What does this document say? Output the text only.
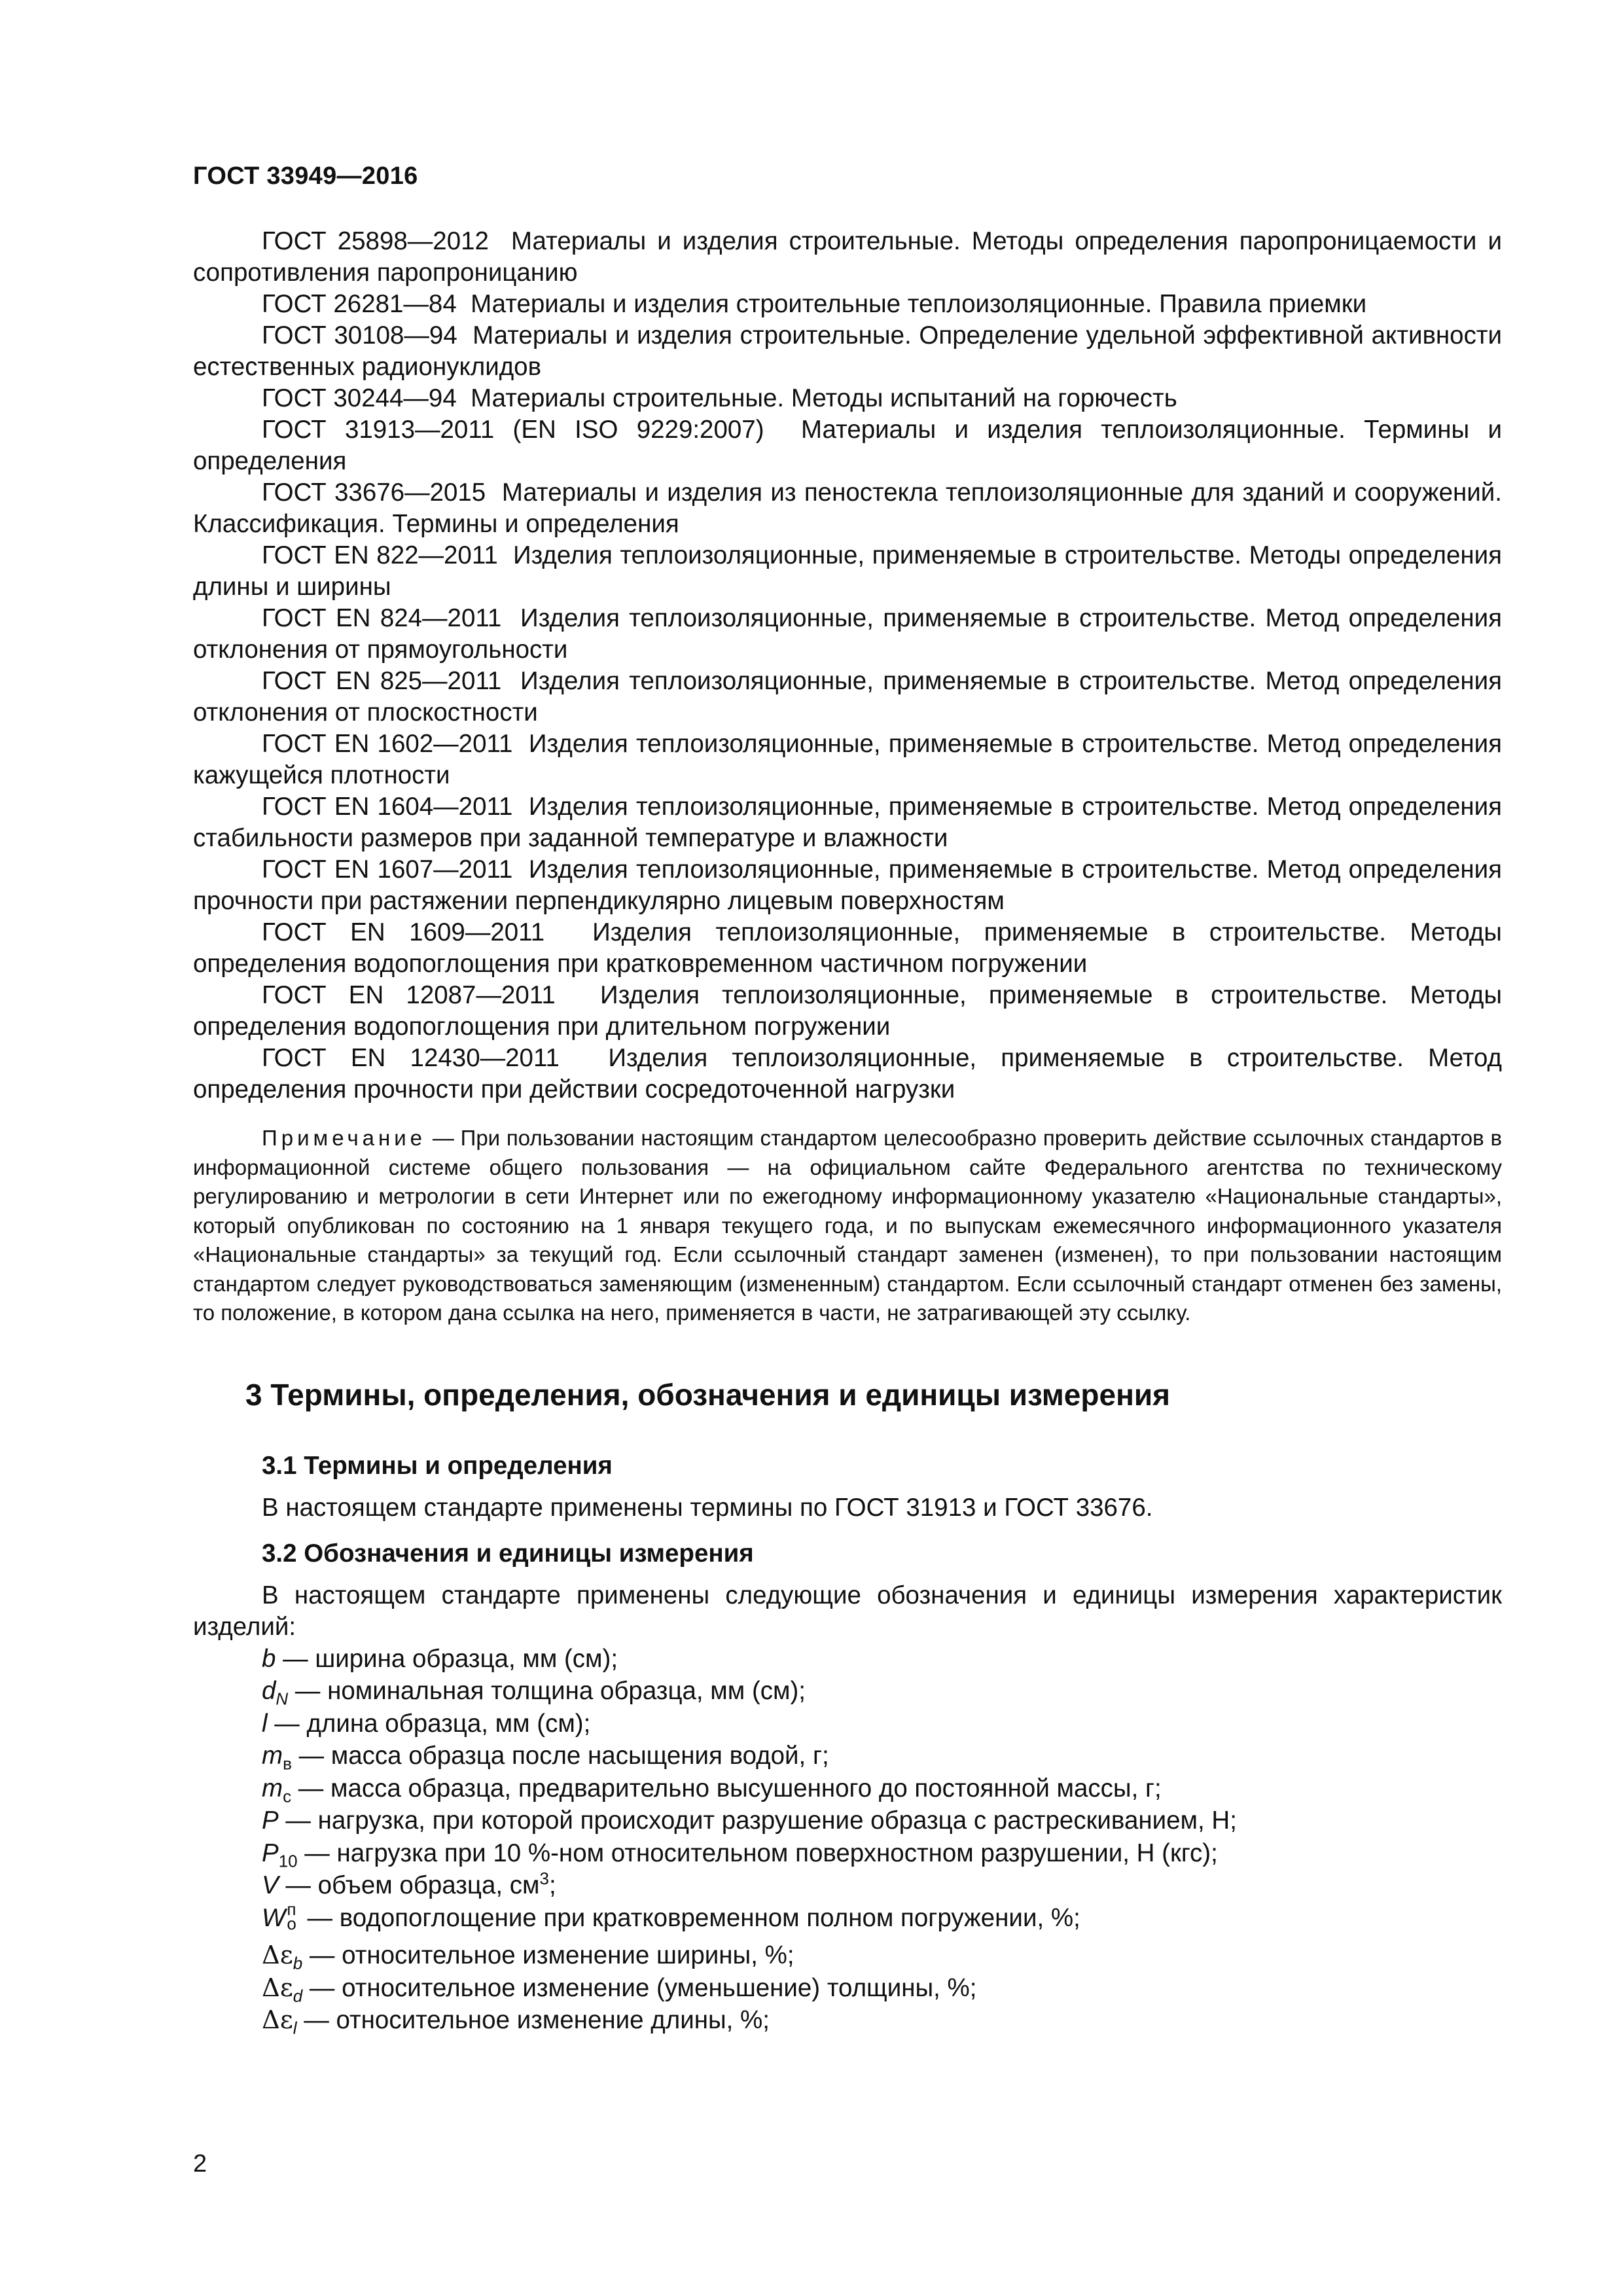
ГОСТ 33949—2016

ГОСТ 25898—2012 Материалы и изделия строительные. Методы определения паропроницаемости и сопротивления паропроницанию

ГОСТ 26281—84 Материалы и изделия строительные теплоизоляционные. Правила приемки

ГОСТ 30108—94 Материалы и изделия строительные. Определение удельной эффективной активности естественных радионуклидов

ГОСТ 30244—94 Материалы строительные. Методы испытаний на горючесть

ГОСТ 31913—2011 (EN ISO 9229:2007) Материалы и изделия теплоизоляционные. Термины и определения

ГОСТ 33676—2015 Материалы и изделия из пеностекла теплоизоляционные для зданий и сооружений. Классификация. Термины и определения

ГОСТ EN 822—2011 Изделия теплоизоляционные, применяемые в строительстве. Методы определения длины и ширины

ГОСТ EN 824—2011 Изделия теплоизоляционные, применяемые в строительстве. Метод определения отклонения от прямоугольности

ГОСТ EN 825—2011 Изделия теплоизоляционные, применяемые в строительстве. Метод определения отклонения от плоскостности

ГОСТ EN 1602—2011 Изделия теплоизоляционные, применяемые в строительстве. Метод определения кажущейся плотности

ГОСТ EN 1604—2011 Изделия теплоизоляционные, применяемые в строительстве. Метод определения стабильности размеров при заданной температуре и влажности

ГОСТ EN 1607—2011 Изделия теплоизоляционные, применяемые в строительстве. Метод определения прочности при растяжении перпендикулярно лицевым поверхностям

ГОСТ EN 1609—2011 Изделия теплоизоляционные, применяемые в строительстве. Методы определения водопоглощения при кратковременном частичном погружении

ГОСТ EN 12087—2011 Изделия теплоизоляционные, применяемые в строительстве. Методы определения водопоглощения при длительном погружении

ГОСТ EN 12430—2011 Изделия теплоизоляционные, применяемые в строительстве. Метод определения прочности при действии сосредоточенной нагрузки

Примечание — При пользовании настоящим стандартом целесообразно проверить действие ссылочных стандартов в информационной системе общего пользования — на официальном сайте Федерального агентства по техническому регулированию и метрологии в сети Интернет или по ежегодному информационному указателю «Национальные стандарты», который опубликован по состоянию на 1 января текущего года, и по выпускам ежемесячного информационного указателя «Национальные стандарты» за текущий год. Если ссылочный стандарт заменен (изменен), то при пользовании настоящим стандартом следует руководствоваться заменяющим (измененным) стандартом. Если ссылочный стандарт отменен без замены, то положение, в котором дана ссылка на него, применяется в части, не затрагивающей эту ссылку.
3 Термины, определения, обозначения и единицы измерения
3.1 Термины и определения
В настоящем стандарте применены термины по ГОСТ 31913 и ГОСТ 33676.
3.2 Обозначения и единицы измерения
В настоящем стандарте применены следующие обозначения и единицы измерения характеристик изделий:
b — ширина образца, мм (см);
$d_N$ — номинальная толщина образца, мм (см);
l — длина образца, мм (см);
$m_в$ — масса образца после насыщения водой, г;
$m_с$ — масса образца, предварительно высушенного до постоянной массы, г;
P — нагрузка, при которой происходит разрушение образца с растрескиванием, Н;
$P_{10}$ — нагрузка при 10 %-ном относительном поверхностном разрушении, Н (кгс);
V — объем образца, $см^3$;
W п
о — водопоглощение при кратковременном полном погружении, %;
$\Delta\varepsilon_b$ — относительное изменение ширины, %;
$\Delta\varepsilon_d$ — относительное изменение (уменьшение) толщины, %;
$\Delta\varepsilon_l$ — относительное изменение длины, %;
2
